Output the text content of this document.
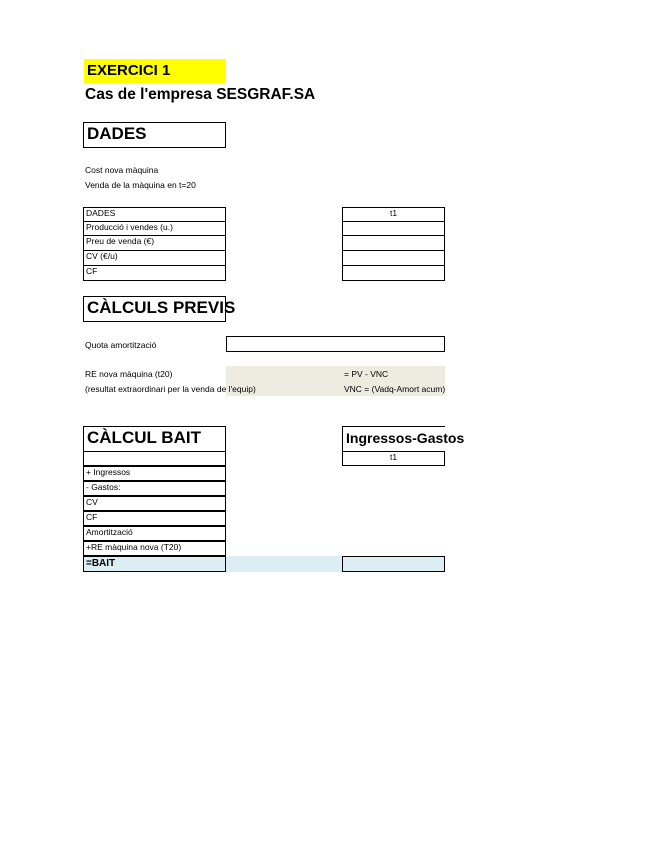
EXERCICI 1
Cas de l'empresa SESGRAF.SA
DADES
Cost nova màquina
Venda de la màquina en t=20
DADES
Producció i vendes (u.)
Preu de venda (€)
CV (€/u)
CF
t1
CÀLCULS PREVIS
Quota amortització
RE nova màquina (t20)
(resultat extraordinari per la venda de l'equip)
= PV - VNC
VNC = (Vadq-Amort acum)
CÀLCUL BAIT	Ingressos-Gastos
t1
+ Ingressos
- Gastos:
CV
CF
Amortització
+RE màquina nova (T20)
=BAIT
